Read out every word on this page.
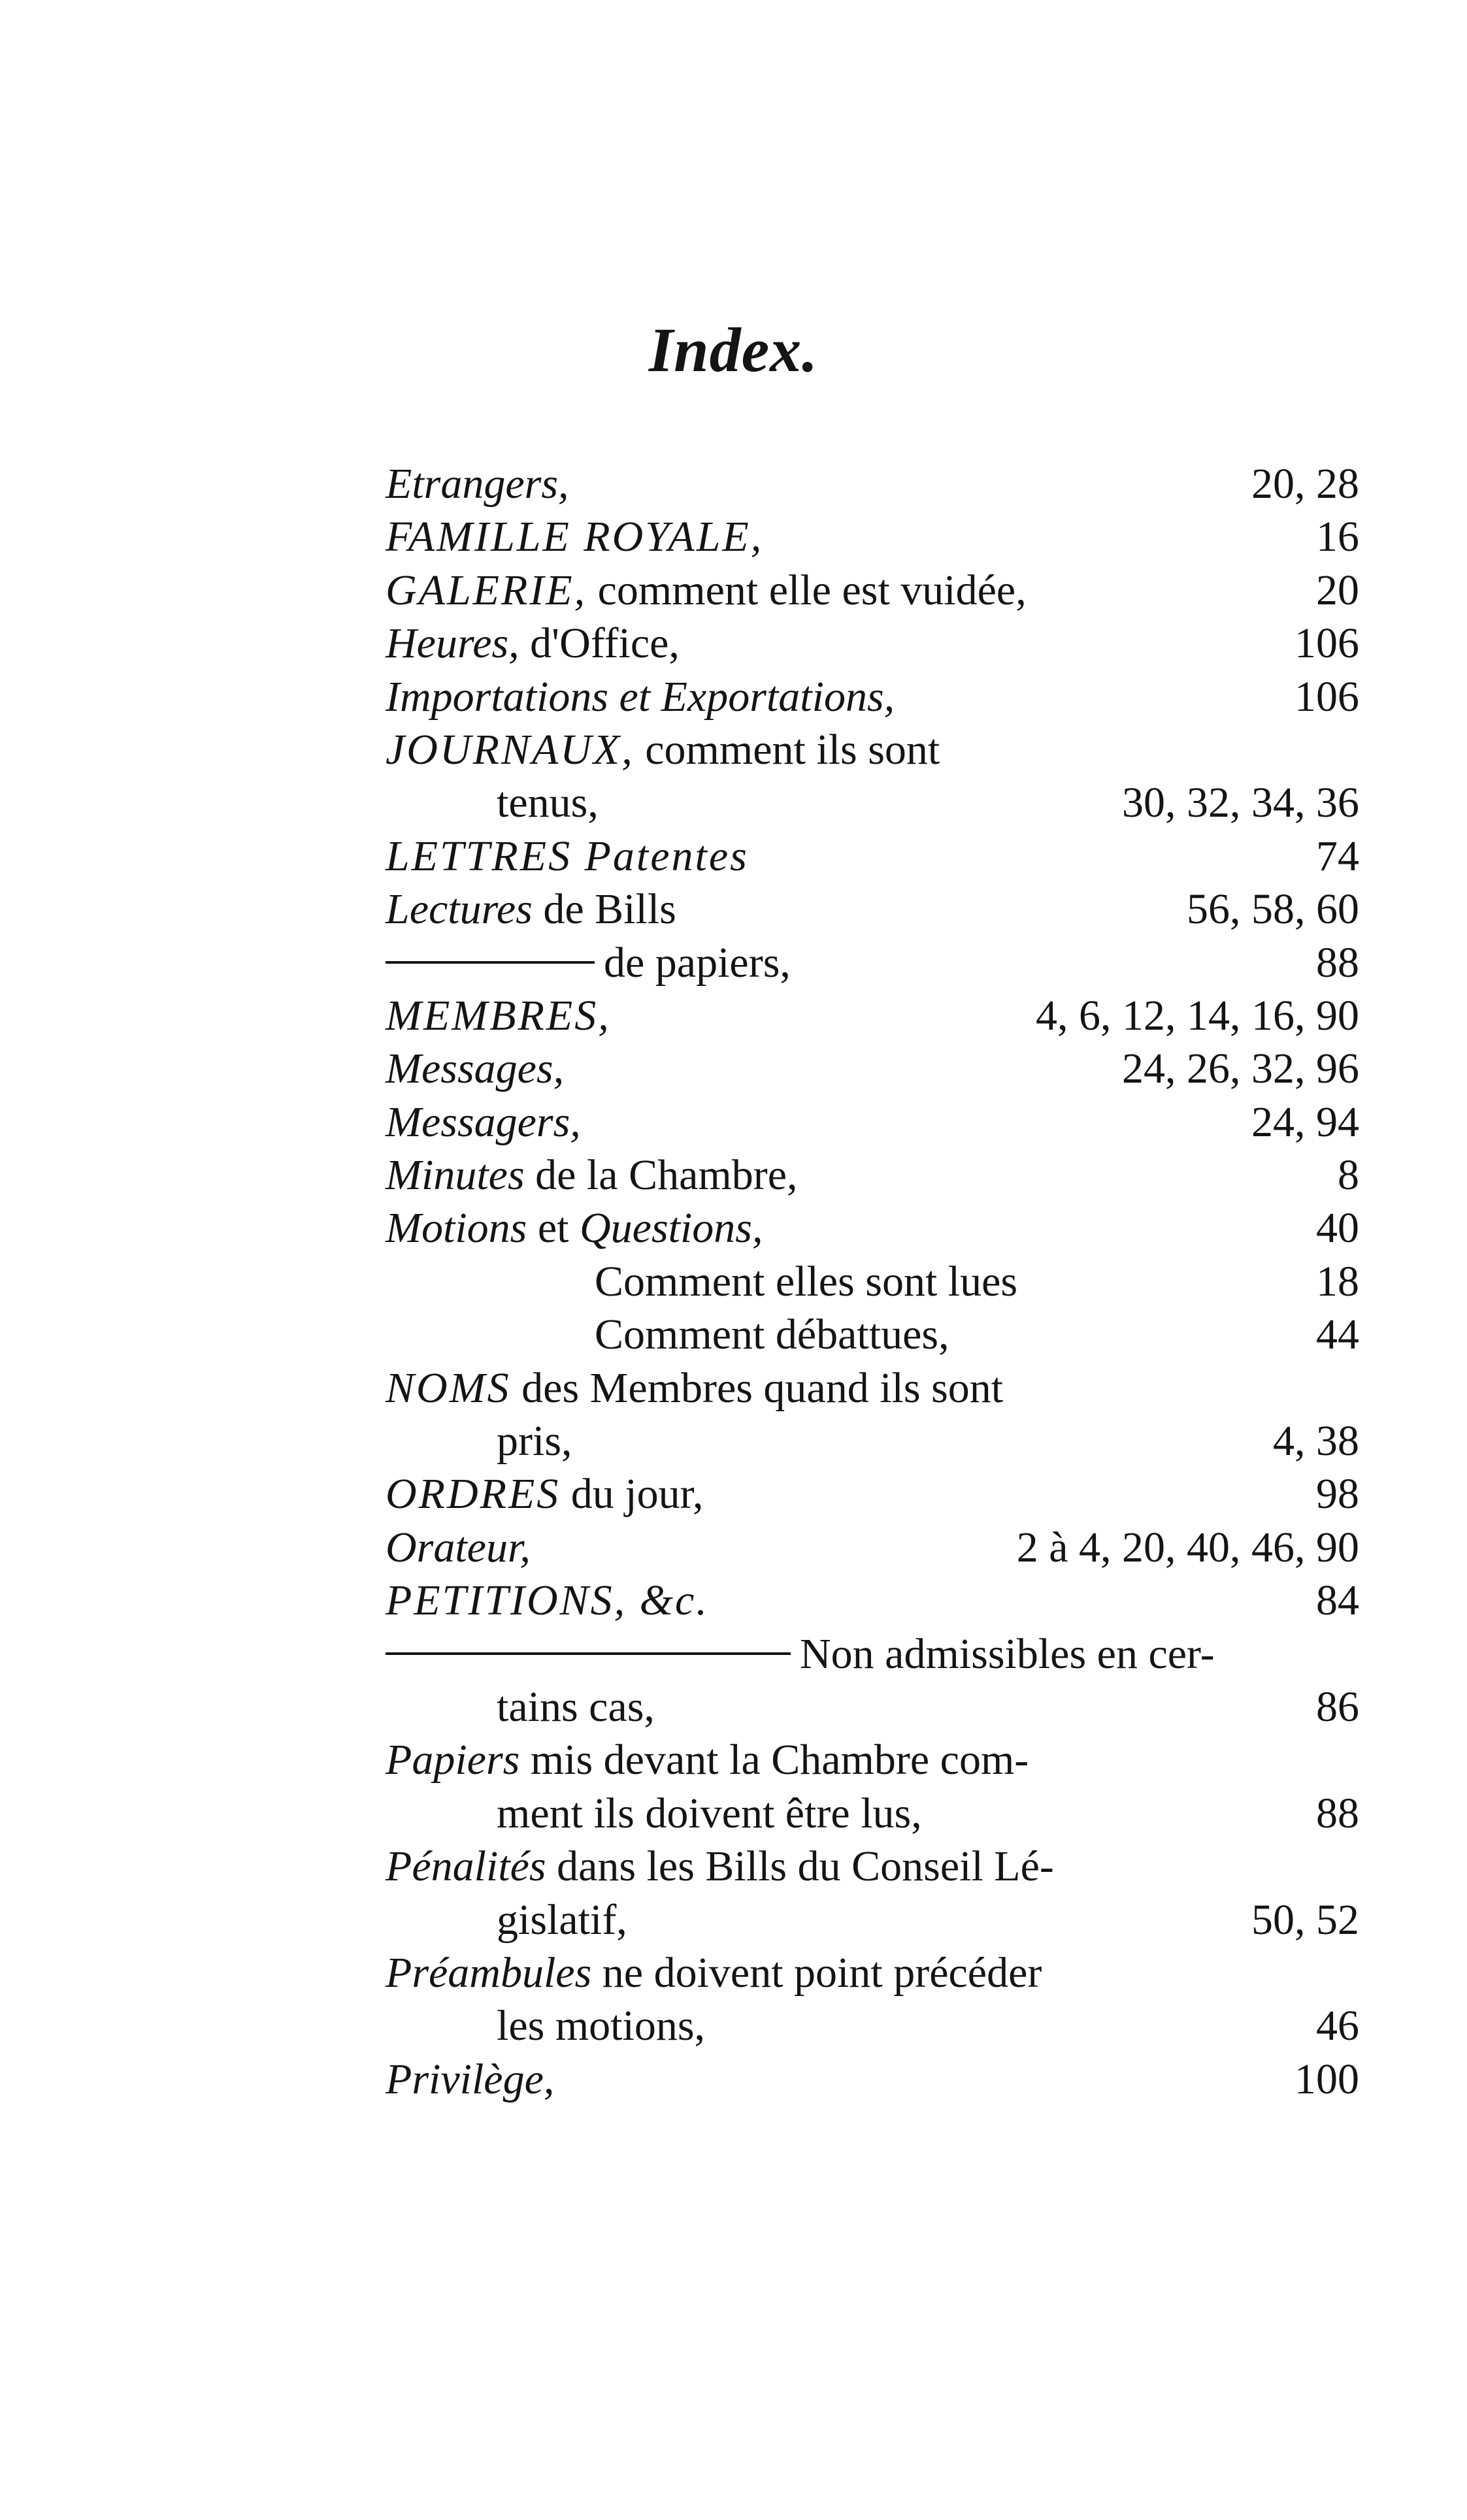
Index.
Etrangers,	20, 28
FAMILLE ROYALE,	16
GALERIE, comment elle est vuidée,	20
Heures, d'Office,	106
Importations et Exportations,	106
JOURNAUX, comment ils sont
tenus,	30, 32, 34, 36
LETTRES Patentes	74
Lectures de Bills	56, 58, 60
de papiers,	88
MEMBRES,	4, 6, 12, 14, 16, 90
Messages,	24, 26, 32, 96
Messagers,	24, 94
Minutes de la Chambre,	8
Motions et Questions,	40
Comment elles sont lues	18
Comment débattues,	44
NOMS des Membres quand ils sont
pris,	4, 38
ORDRES du jour,	98
Orateur,	2 à 4, 20, 40, 46, 90
PETITIONS, &c.	84
Non admissibles en cer-
tains cas,	86
Papiers mis devant la Chambre com-
ment ils doivent être lus,	88
Pénalités dans les Bills du Conseil Lé-
gislatif,	50, 52
Préambules ne doivent point précéder
les motions,	46
Privilège,	100
